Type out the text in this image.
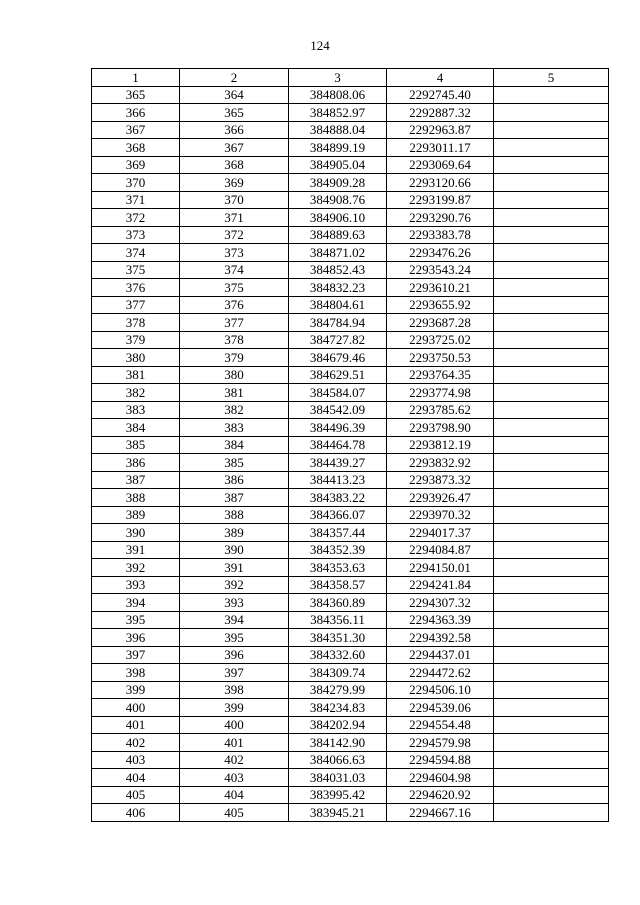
124
1	2	3	4	5
365	364	384808.06	2292745.40	
366	365	384852.97	2292887.32	
367	366	384888.04	2292963.87	
368	367	384899.19	2293011.17	
369	368	384905.04	2293069.64	
370	369	384909.28	2293120.66	
371	370	384908.76	2293199.87	
372	371	384906.10	2293290.76	
373	372	384889.63	2293383.78	
374	373	384871.02	2293476.26	
375	374	384852.43	2293543.24	
376	375	384832.23	2293610.21	
377	376	384804.61	2293655.92	
378	377	384784.94	2293687.28	
379	378	384727.82	2293725.02	
380	379	384679.46	2293750.53	
381	380	384629.51	2293764.35	
382	381	384584.07	2293774.98	
383	382	384542.09	2293785.62	
384	383	384496.39	2293798.90	
385	384	384464.78	2293812.19	
386	385	384439.27	2293832.92	
387	386	384413.23	2293873.32	
388	387	384383.22	2293926.47	
389	388	384366.07	2293970.32	
390	389	384357.44	2294017.37	
391	390	384352.39	2294084.87	
392	391	384353.63	2294150.01	
393	392	384358.57	2294241.84	
394	393	384360.89	2294307.32	
395	394	384356.11	2294363.39	
396	395	384351.30	2294392.58	
397	396	384332.60	2294437.01	
398	397	384309.74	2294472.62	
399	398	384279.99	2294506.10	
400	399	384234.83	2294539.06	
401	400	384202.94	2294554.48	
402	401	384142.90	2294579.98	
403	402	384066.63	2294594.88	
404	403	384031.03	2294604.98	
405	404	383995.42	2294620.92	
406	405	383945.21	2294667.16	
